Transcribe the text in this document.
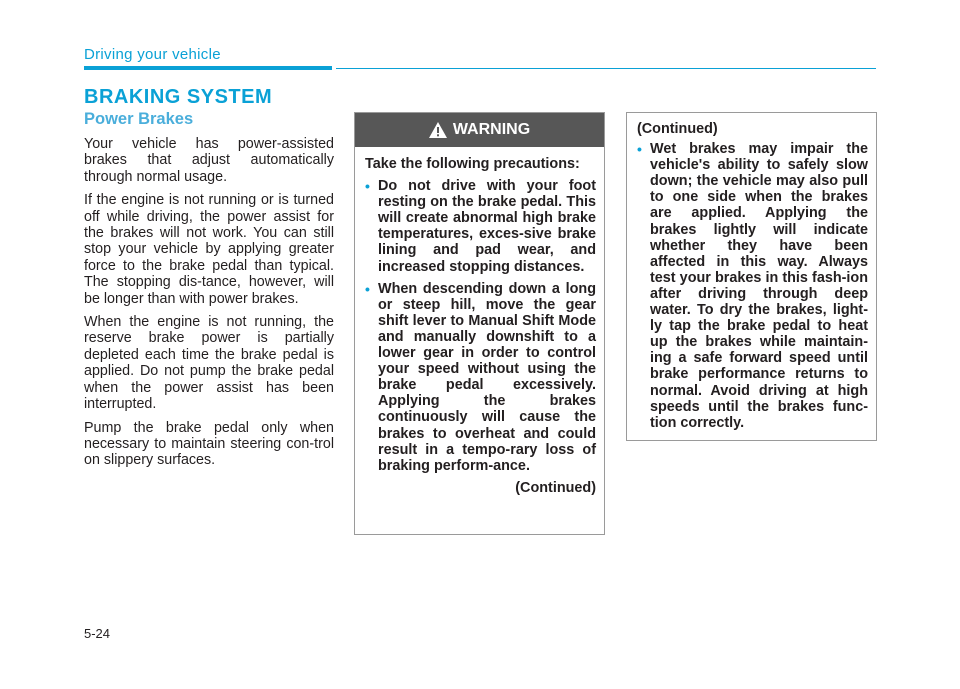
Driving your vehicle
BRAKING SYSTEM
Power Brakes

Your vehicle has power-assisted brakes that adjust automatically through normal usage.

If the engine is not running or is turned off while driving, the power assist for the brakes will not work. You can still stop your vehicle by applying greater force to the brake pedal than typical. The stopping dis-tance, however, will be longer than with power brakes.

When the engine is not running, the reserve brake power is partially depleted each time the brake pedal is applied. Do not pump the brake pedal when the power assist has been interrupted.

Pump the brake pedal only when necessary to maintain steering con-trol on slippery surfaces.

WARNING

Take the following precautions:

• Do not drive with your foot resting on the brake pedal. This will create abnormal high brake temperatures, exces-sive brake lining and pad wear, and increased stopping distances.
• When descending down a long or steep hill, move the gear shift lever to Manual Shift Mode and manually downshift to a lower gear in order to control your speed without using the brake pedal excessively. Applying the brakes continuously will cause the brakes to overheat and could result in a tempo-rary loss of braking perform-ance.

(Continued)

(Continued)

• Wet brakes may impair the vehicle's ability to safely slow down; the vehicle may also pull to one side when the brakes are applied. Applying the brakes lightly will indicate whether they have been affected in this way. Always test your brakes in this fash-ion after driving through deep water. To dry the brakes, light-ly tap the brake pedal to heat up the brakes while maintain-ing a safe forward speed until brake performance returns to normal. Avoid driving at high speeds until the brakes func-tion correctly.
5-24
